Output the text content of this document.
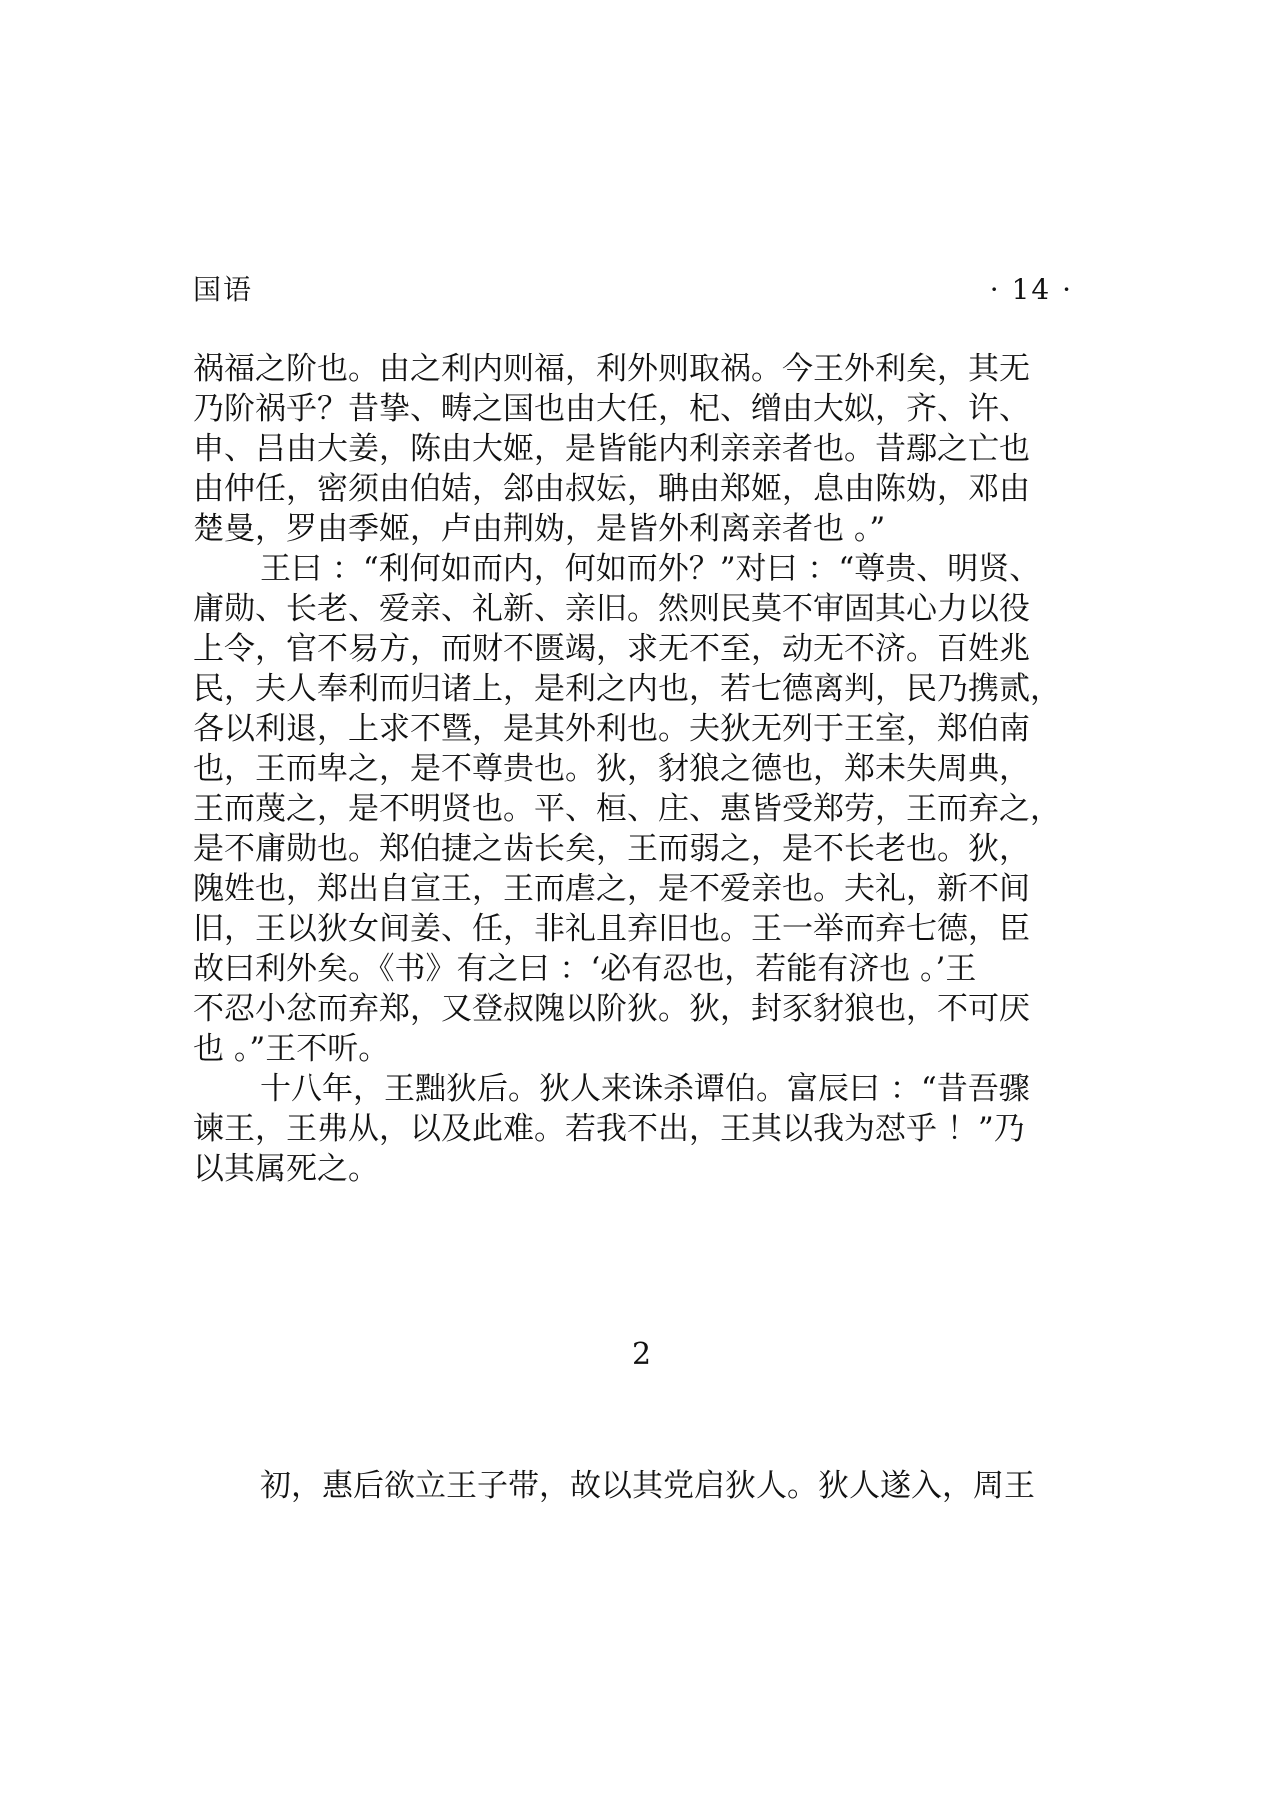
国语	· 14 ·
祸福之阶也。由之利内则福，利外则取祸。今王外利矣，其无
乃阶祸乎？昔挚、畴之国也由大任，杞、缯由大姒，齐、许、
申、吕由大姜，陈由大姬，是皆能内利亲亲者也。昔鄢之亡也
由仲任，密须由伯姞，郐由叔妘，聃由郑姬，息由陈妫，邓由
楚曼，罗由季姬，卢由荆妫，是皆外利离亲者也 。”
王曰 ：“利何如而内，何如而外？”对曰 ：“尊贵、明贤、
庸勋、长老、爱亲、礼新、亲旧。然则民莫不审固其心力以役
上令，官不易方，而财不匮竭，求无不至，动无不济。百姓兆
民，夫人奉利而归诸上，是利之内也，若七德离判，民乃携贰，
各以利退，上求不暨，是其外利也。夫狄无列于王室，郑伯南
也，王而卑之，是不尊贵也。狄，豺狼之德也，郑未失周典，
王而蔑之，是不明贤也。平、桓、庄、惠皆受郑劳，王而弃之，
是不庸勋也。郑伯捷之齿长矣，王而弱之，是不长老也。狄，
隗姓也，郑出自宣王，王而虐之，是不爱亲也。夫礼，新不间
旧，王以狄女间姜、任，非礼且弃旧也。王一举而弃七德，臣
故曰利外矣。《书》有之曰 ：‘必有忍也，若能有济也 。’王
不忍小忿而弃郑，又登叔隗以阶狄。狄，封豕豺狼也，不可厌
也 。”王不听。
十八年，王黜狄后。狄人来诛杀谭伯。富辰曰 ：“昔吾骤
谏王，王弗从，以及此难。若我不出，王其以我为怼乎 ！”乃
以其属死之。
2
初，惠后欲立王子带，故以其党启狄人。狄人遂入，周王
